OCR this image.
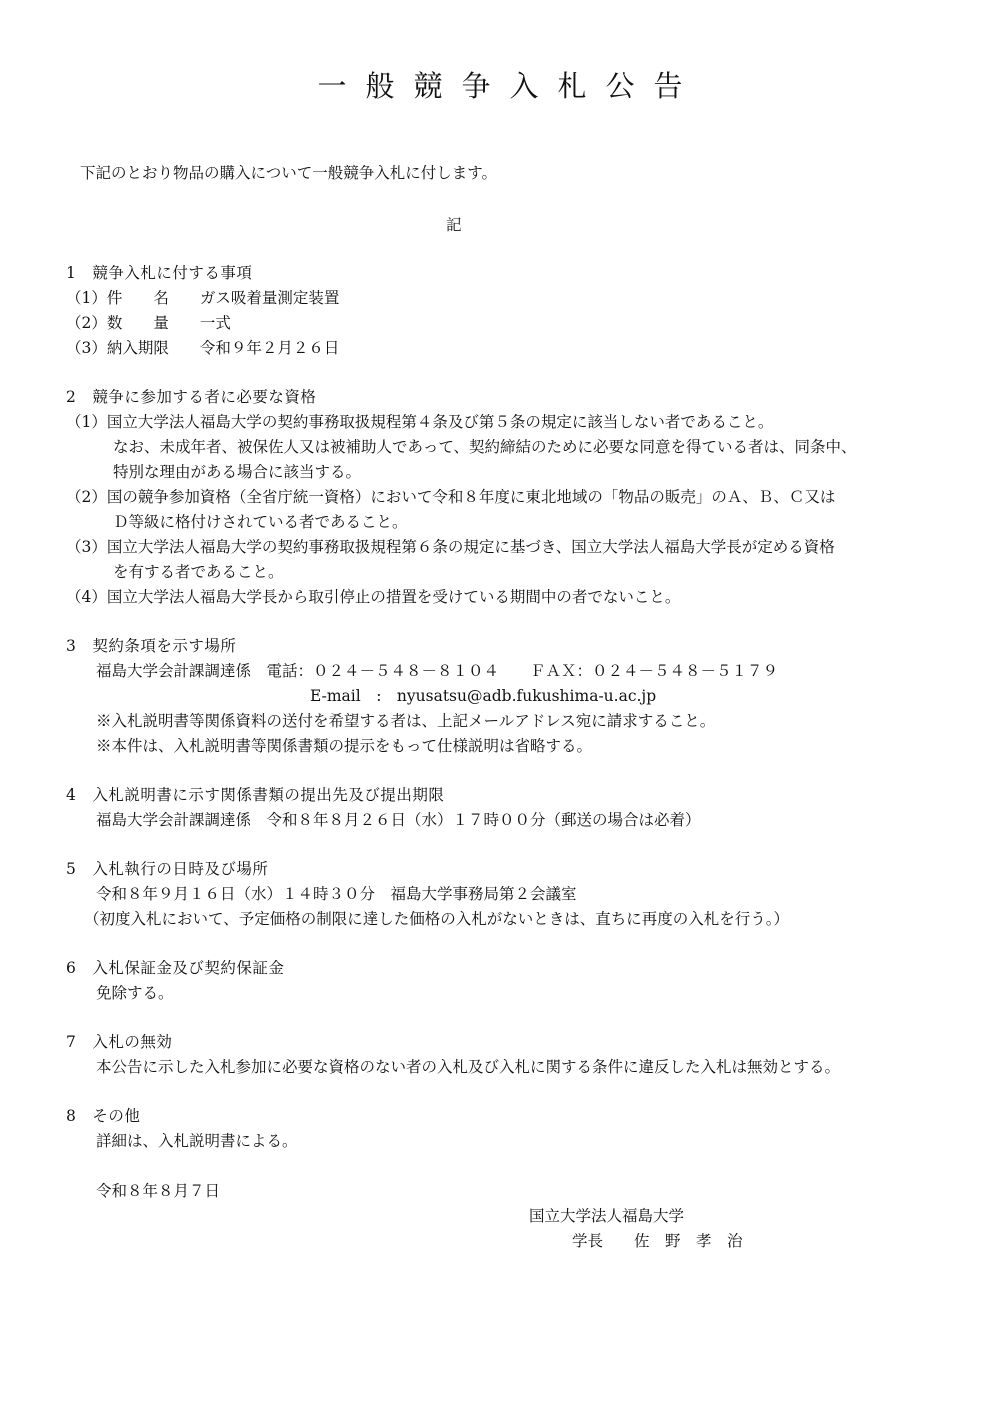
一般競争入札公告
下記のとおり物品の購入について一般競争入札に付します。
記
1　競争入札に付する事項
（1）件　　名　　ガス吸着量測定装置
（2）数　　量　　一式
（3）納入期限　　令和９年２月２６日
2　競争に参加する者に必要な資格
（1）国立大学法人福島大学の契約事務取扱規程第４条及び第５条の規定に該当しない者であること。
なお、未成年者、被保佐人又は被補助人であって、契約締結のために必要な同意を得ている者は、同条中、
特別な理由がある場合に該当する。
（2）国の競争参加資格（全省庁統一資格）において令和８年度に東北地域の「物品の販売」のＡ、Ｂ、Ｃ又は
Ｄ等級に格付けされている者であること。
（3）国立大学法人福島大学の契約事務取扱規程第６条の規定に基づき、国立大学法人福島大学長が定める資格
を有する者であること。
（4）国立大学法人福島大学長から取引停止の措置を受けている期間中の者でないこと。
3　契約条項を示す場所
福島大学会計課調達係　電話：０２４－５４８－８１０４　　ＦＡＸ：０２４－５４８－５１７９
E-mail　:　nyusatsu@adb.fukushima-u.ac.jp
※入札説明書等関係資料の送付を希望する者は、上記メールアドレス宛に請求すること。
※本件は、入札説明書等関係書類の提示をもって仕様説明は省略する。
4　入札説明書に示す関係書類の提出先及び提出期限
福島大学会計課調達係　令和８年８月２６日（水）１７時００分（郵送の場合は必着）
5　入札執行の日時及び場所
令和８年９月１６日（水）１４時３０分　福島大学事務局第２会議室
（初度入札において、予定価格の制限に達した価格の入札がないときは、直ちに再度の入札を行う。）
6　入札保証金及び契約保証金
免除する。
7　入札の無効
本公告に示した入札参加に必要な資格のない者の入札及び入札に関する条件に違反した入札は無効とする。
8　その他
詳細は、入札説明書による。
令和８年８月７日
国立大学法人福島大学
学長　　佐　野　孝　治
